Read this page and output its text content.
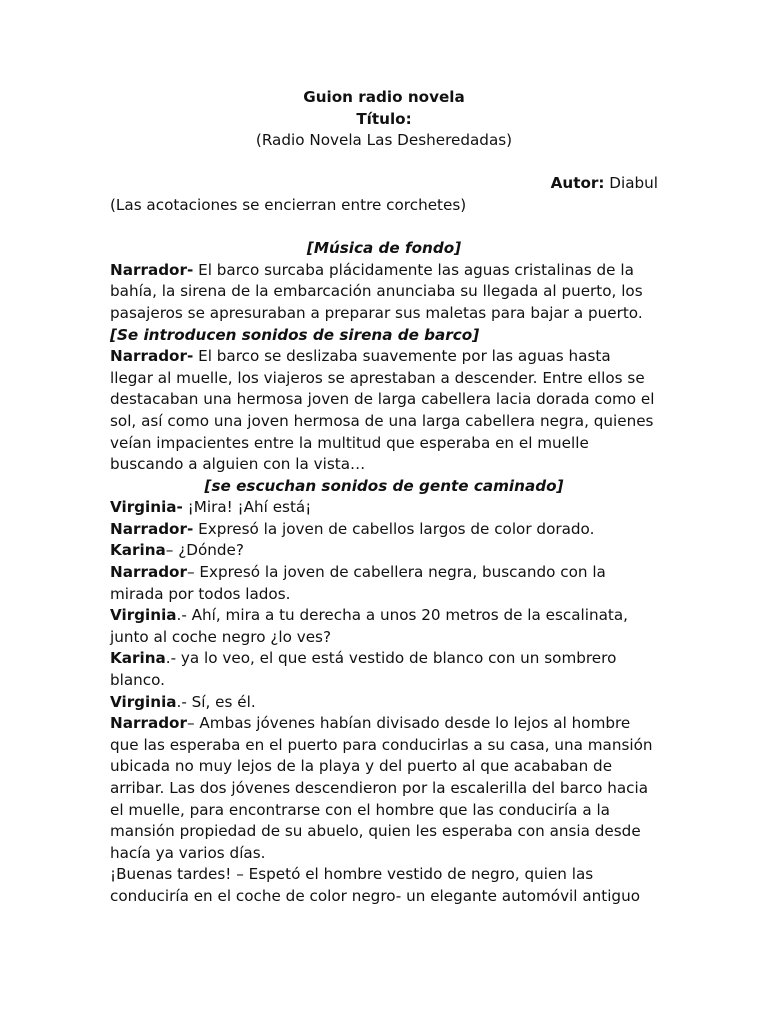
Guion radio novela

Título:

(Radio Novela Las Desheredadas)

Autor: Diabul

(Las acotaciones se encierran entre corchetes)

[Música de fondo]

Narrador- El barco surcaba plácidamente las aguas cristalinas de la bahía, la sirena de la embarcación anunciaba su llegada al puerto, los pasajeros se apresuraban a preparar sus maletas para bajar a puerto.

[Se introducen sonidos de sirena de barco]

Narrador- El barco se deslizaba suavemente por las aguas hasta llegar al muelle, los viajeros se aprestaban a descender. Entre ellos se destacaban una hermosa joven de larga cabellera lacia dorada como el sol, así como una joven hermosa de una larga cabellera negra, quienes veían impacientes entre la multitud que esperaba en el muelle buscando a alguien con la vista…

[se escuchan sonidos de gente caminado]

Virginia- ¡Mira! ¡Ahí está¡

Narrador- Expresó la joven de cabellos largos de color dorado.

Karina– ¿Dónde?

Narrador– Expresó la joven de cabellera negra, buscando con la mirada por todos lados.

Virginia.- Ahí, mira a tu derecha a unos 20 metros de la escalinata, junto al coche negro ¿lo ves?

Karina.- ya lo veo, el que está vestido de blanco con un sombrero blanco.

Virginia.- Sí, es él.

Narrador– Ambas jóvenes habían divisado desde lo lejos al hombre que las esperaba en el puerto para conducirlas a su casa, una mansión ubicada no muy lejos de la playa y del puerto al que acababan de arribar. Las dos jóvenes descendieron por la escalerilla del barco hacia el muelle, para encontrarse con el hombre que las conduciría a la mansión propiedad de su abuelo, quien les esperaba con ansia desde hacía ya varios días.

¡Buenas tardes! – Espetó el hombre vestido de negro, quien las conduciría en el coche de color negro- un elegante automóvil antiguo
